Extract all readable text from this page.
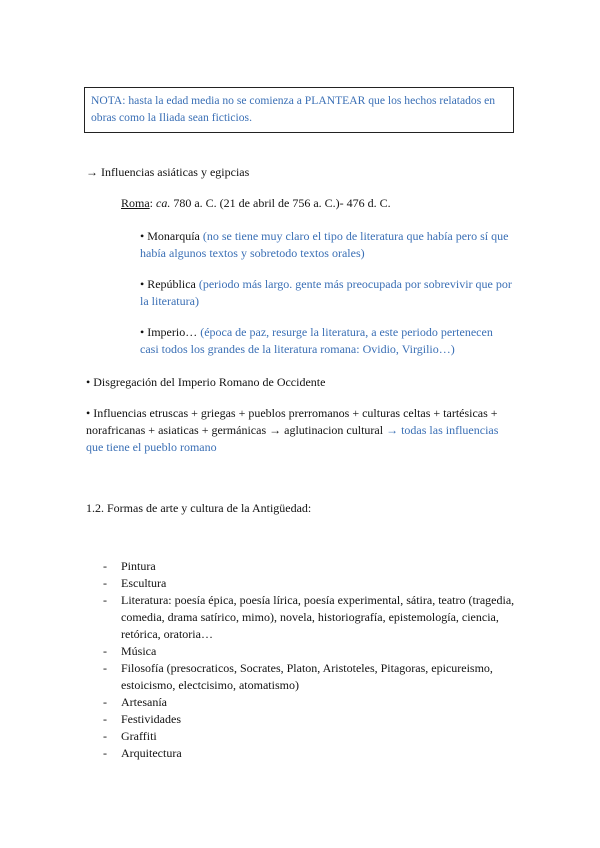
NOTA: hasta la edad media no se comienza a PLANTEAR que los hechos relatados en obras como la Iliada sean ficticios.
→ Influencias asiáticas y egipcias
Roma: ca. 780 a. C. (21 de abril de 756 a. C.)- 476 d. C.
• Monarquía (no se tiene muy claro el tipo de literatura que había pero sí que había algunos textos y sobretodo textos orales)
• República (periodo más largo. gente más preocupada por sobrevivir que por la literatura)
• Imperio… (época de paz, resurge la literatura, a este periodo pertenecen casi todos los grandes de la literatura romana: Ovidio, Virgilio…)
• Disgregación del Imperio Romano de Occidente
• Influencias etruscas + griegas + pueblos prerromanos + culturas celtas + tartésicas + norafricanas + asiaticas + germánicas → aglutinacion cultural → todas las influencias que tiene el pueblo romano
1.2. Formas de arte y cultura de la Antigüedad:
- Pintura
- Escultura
- Literatura: poesía épica, poesía lírica, poesía experimental, sátira, teatro (tragedia, comedia, drama satírico, mimo), novela, historiografía, epistemología, ciencia, retórica, oratoria…
- Música
- Filosofía (presocraticos, Socrates, Platon, Aristoteles, Pitagoras, epicureismo, estoicismo, electcisimo, atomatismo)
- Artesanía
- Festividades
- Graffiti
- Arquitectura
